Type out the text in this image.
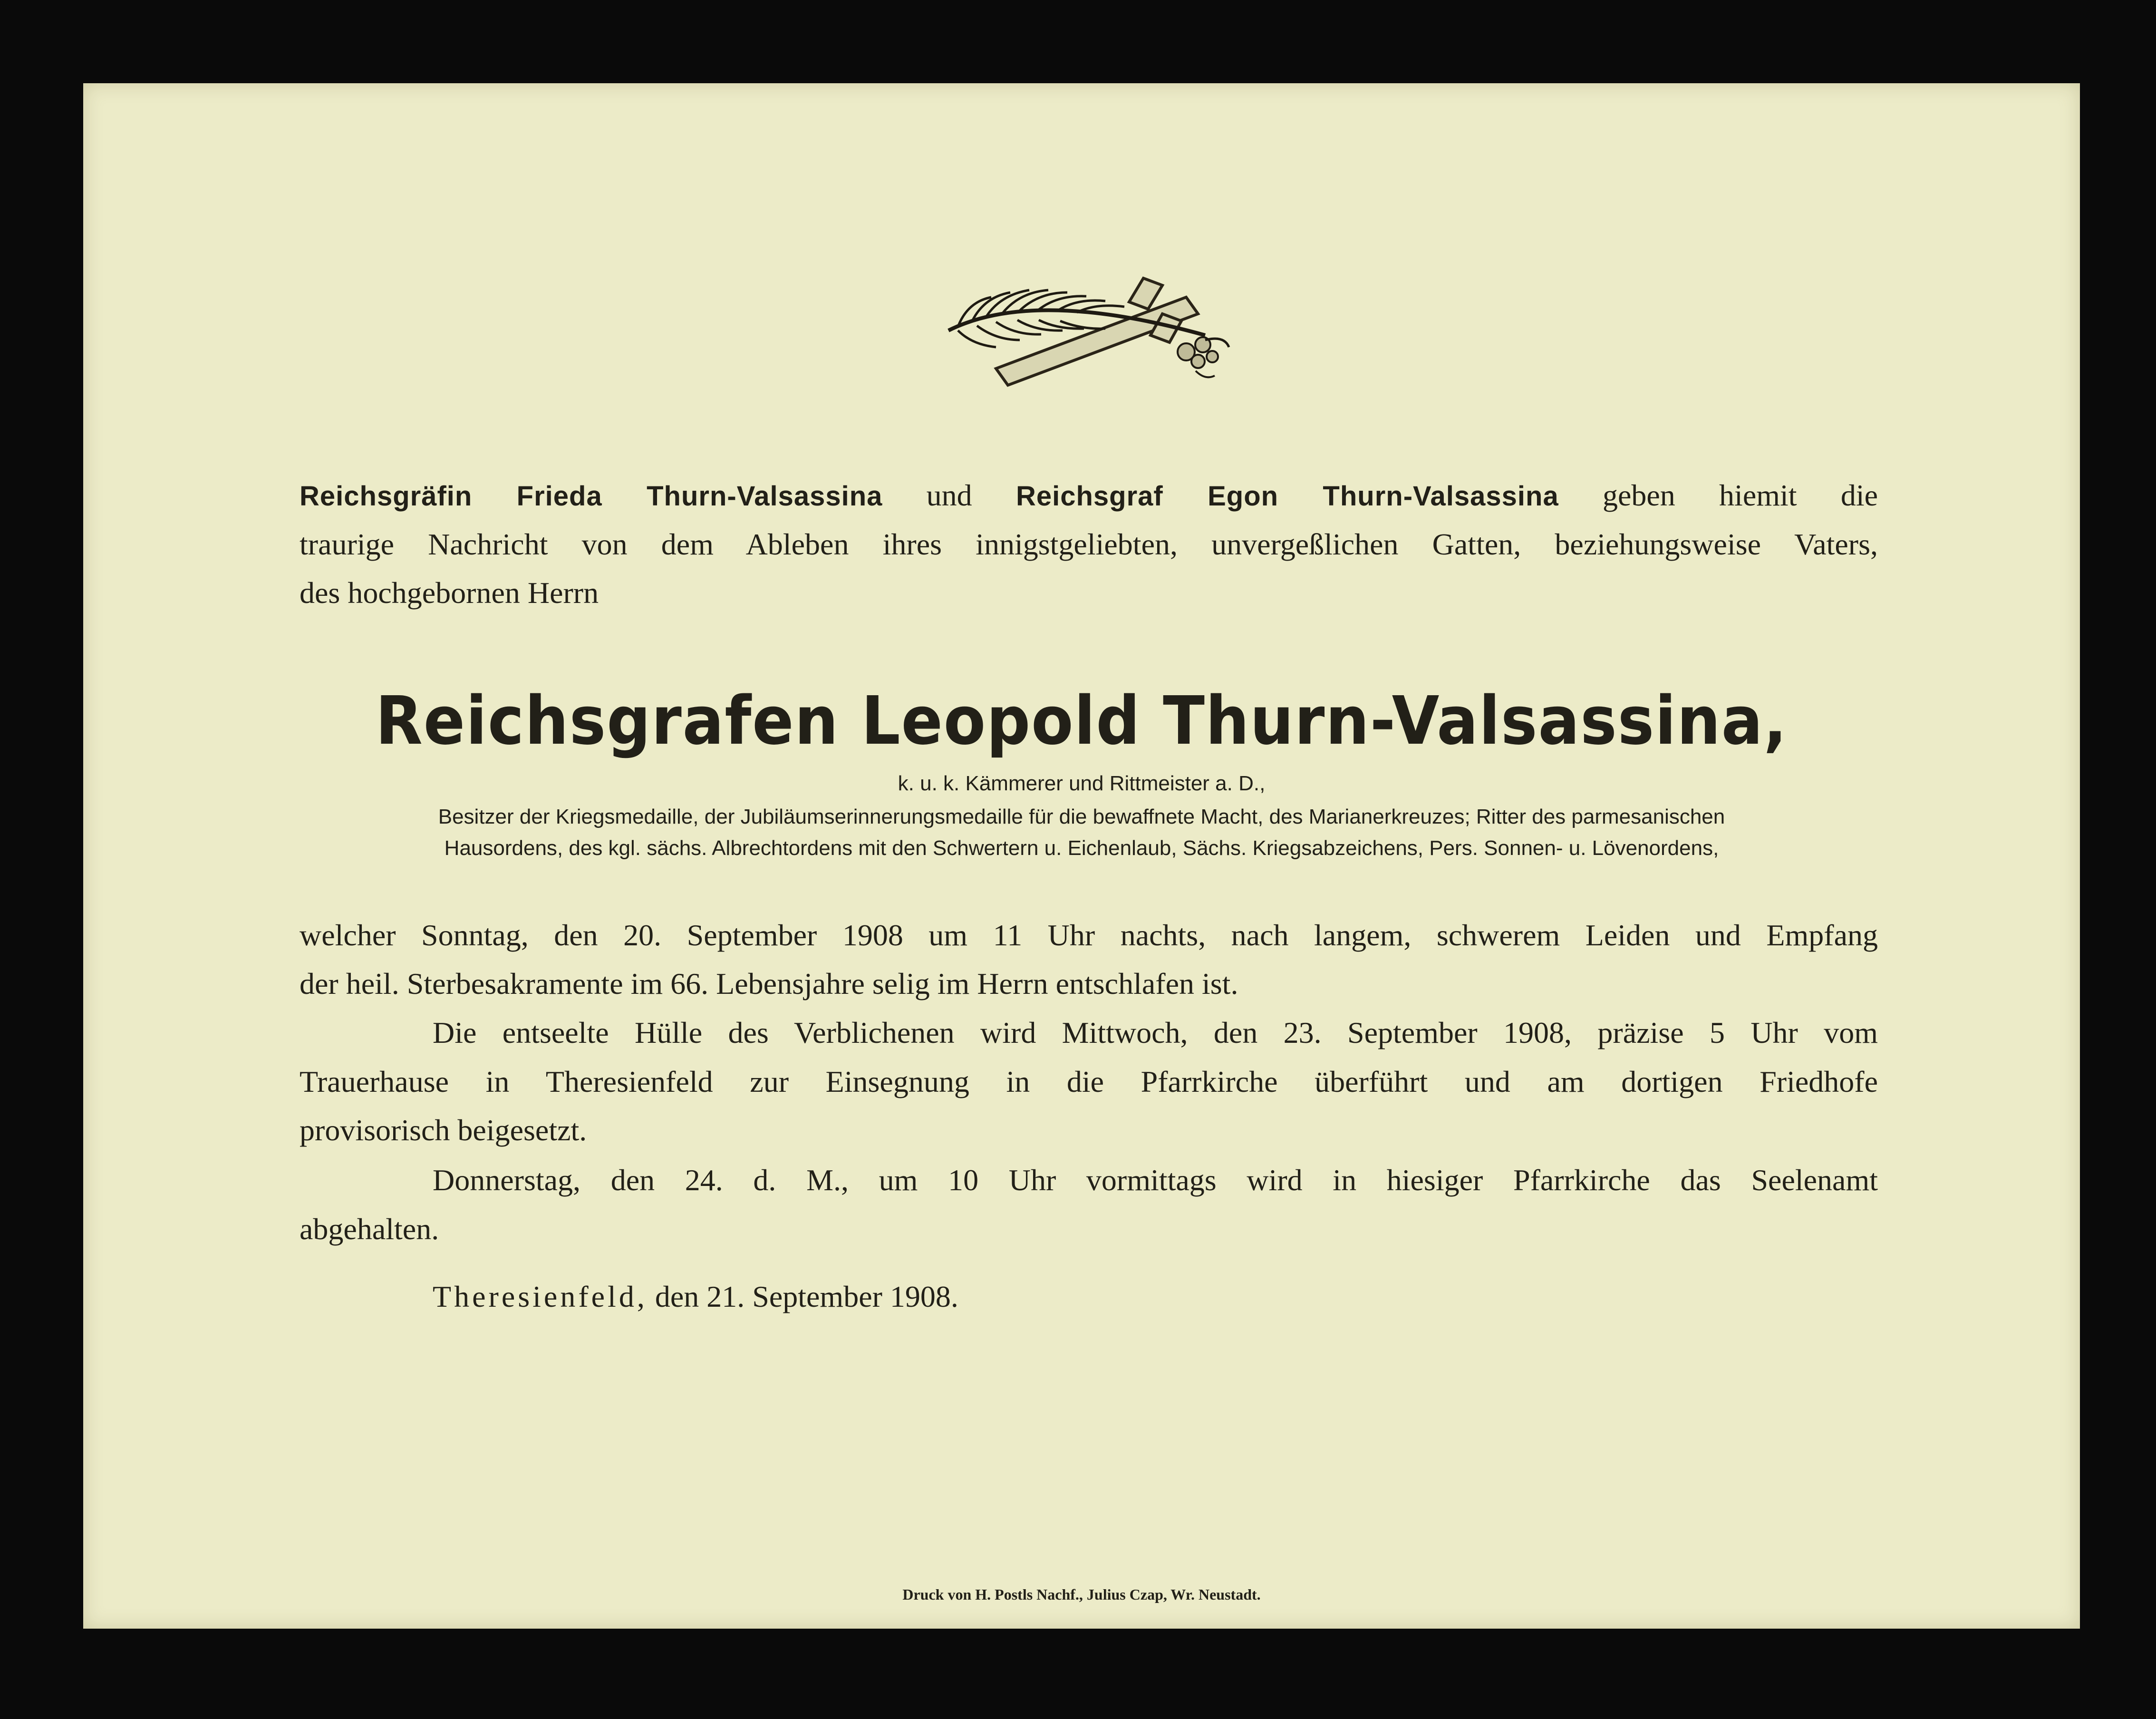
Reichsgräfin Frieda Thurn-Valsassina und Reichsgraf Egon Thurn-Valsassina geben hiemit die
traurige Nachricht von dem Ableben ihres innigstgeliebten, unvergeßlichen Gatten, beziehungsweise Vaters,
des hochgebornen Herrn
Reichsgrafen Leopold Thurn-Valsassina,
k. u. k. Kämmerer und Rittmeister a. D.,
Besitzer der Kriegsmedaille, der Jubiläumserinnerungsmedaille für die bewaffnete Macht, des Marianerkreuzes; Ritter des parmesanischen
Hausordens, des kgl. sächs. Albrechtordens mit den Schwertern u. Eichenlaub, Sächs. Kriegsabzeichens, Pers. Sonnen- u. Lövenordens,
welcher Sonntag, den 20. September 1908 um 11 Uhr nachts, nach langem, schwerem Leiden und Empfang
der heil. Sterbesakramente im 66. Lebensjahre selig im Herrn entschlafen ist.
Die entseelte Hülle des Verblichenen wird Mittwoch, den 23. September 1908, präzise 5 Uhr vom
Trauerhause in Theresienfeld zur Einsegnung in die Pfarrkirche überführt und am dortigen Friedhofe
provisorisch beigesetzt.
Donnerstag, den 24. d. M., um 10 Uhr vormittags wird in hiesiger Pfarrkirche das Seelenamt
abgehalten.
Theresienfeld, den 21. September 1908.
Druck von H. Postls Nachf., Julius Czap, Wr. Neustadt.
